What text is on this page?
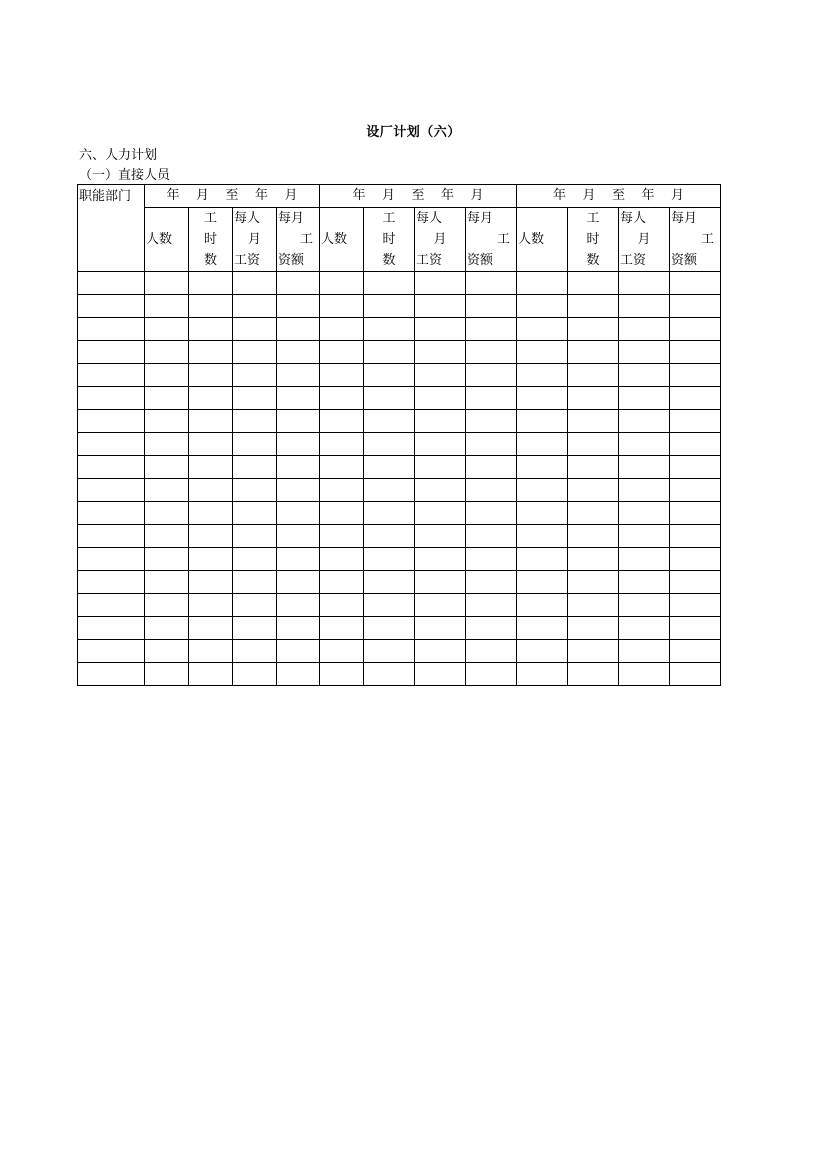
设厂计划（六）
六、人力计划
（一）直接人员
职能部门	年    月    至    年    月				年    月    至    年    月				年    月    至    年    月			
	人数	工
时
数	每人
月
工资	每月
工
资额	人数	工
时
数	每人
月
工资	每月
工
资额	人数	工
时
数	每人
月
工资	每月
工
资额
